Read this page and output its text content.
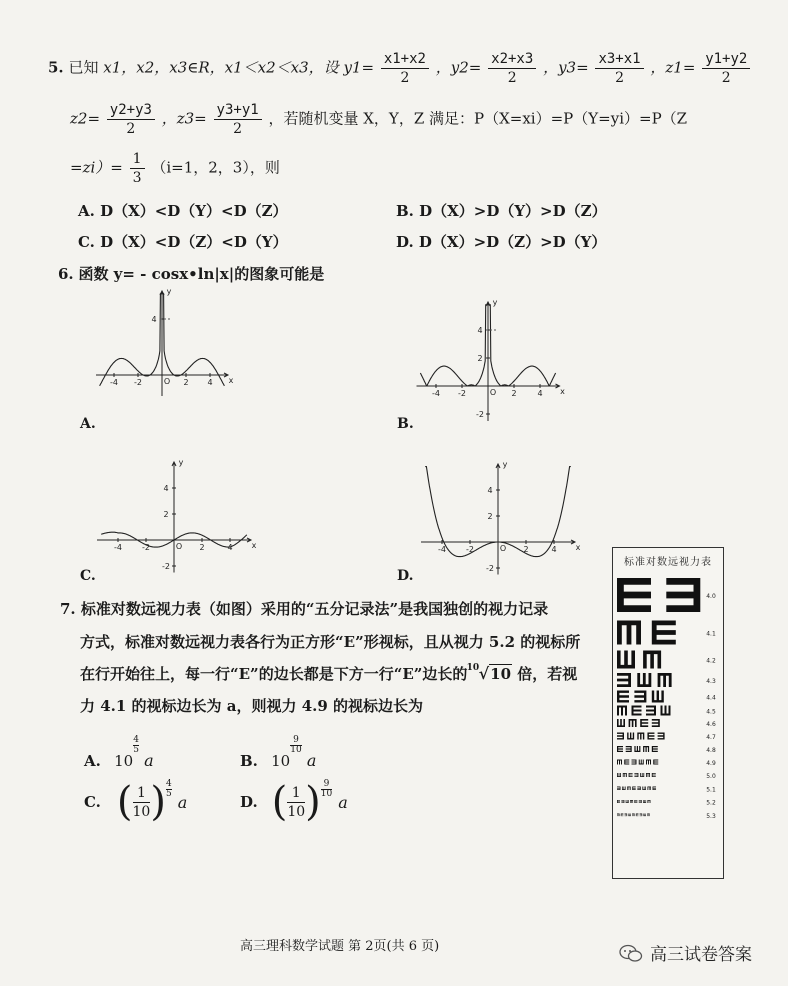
5. 已知 x1，x2，x3∈R，x1＜x2＜x3，设 $y1= \frac{x1+x2}{2}$ ，$y2= \frac{x2+x3}{2}$ ，$y3= \frac{x3+x1}{2}$ ，$z1= \frac{y1+y2}{2}$
$z2= \frac{y2+y3}{2}$ ，$z3= \frac{y3+y1}{2}$ ，若随机变量 X，Y，Z 满足：P（X=xi）=P（Y=yi）=P（Z
$=zi)= \frac{1}{3} (i=1$，2，3），则
A. D（X）<D（Y）<D（Z）	B. D（X）>D（Y）>D（Z）
C. D（X）<D（Z）<D（Y）	D. D（X）>D（Z）>D（Y）
6. 函数 y= - cosx•ln|x|的图象可能是
x
y
O
-4 -2	2 4
4
x
y
O
-4 -2	2	4
4
2
-2
x
y
O
-4	-2	2	4
4
2
-2
x
y
O
-4	-2	2	4
4
2
-2
A.	B.
C.	D.
7. 标准对数远视力表（如图）采用的“五分记录法”是我国独创的视力记录
方式，标准对数远视力表各行为正方形“E”形视标，且从视力 5.2 的视标所
在行开始往上，每一行“E”的边长都是下方一行“E”边长的 10 √10 倍，若视
力 4.1 的视标边长为 a，则视力 4.9 的视标边长为
A. 10
$\frac{4}{5}$
a	B. 10
$\frac{9}{10}$
a
C. ( 1
10 ) 4
5 a	D. ( 1
10 ) 9
10 a
标准对数远视力表
4.0
4.1
4.2
4.3
4.4
4.5
4.6
4.7
4.8
4.9
5.0
5.1
5.2
5.3
高三理科数学试题 第 2页(共 6 页)	高三试卷答案
